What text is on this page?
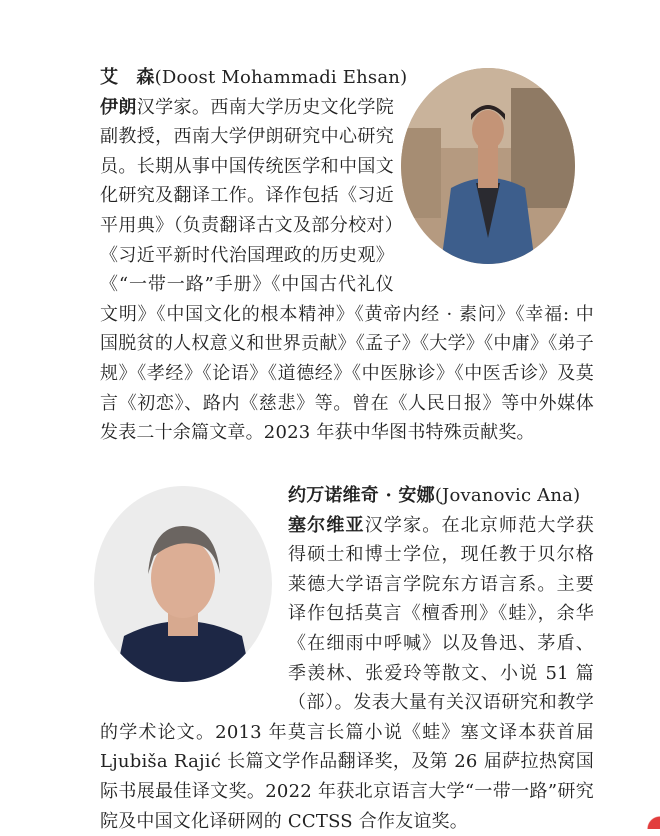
艾　森(Doost Mohammadi Ehsan)

伊朗汉学家。西南大学历史文化学院副教授，西南大学伊朗研究中心研究员。长期从事中国传统医学和中国文化研究及翻译工作。译作包括《习近平用典》（负责翻译古文及部分校对）《习近平新时代治国理政的历史观》《“一带一路”手册》《中国古代礼仪文明》《中国文化的根本精神》《黄帝内经 · 素问》《幸福: 中国脱贫的人权意义和世界贡献》《孟子》《大学》《中庸》《弟子规》《孝经》《论语》《道德经》《中医脉诊》《中医舌诊》及莫言《初恋》、路内《慈悲》等。曾在《人民日报》等中外媒体发表二十余篇文章。2023 年获中华图书特殊贡献奖。

约万诺维奇 · 安娜(Jovanovic Ana)

塞尔维亚汉学家。在北京师范大学获得硕士和博士学位，现任教于贝尔格莱德大学语言学院东方语言系。主要译作包括莫言《檀香刑》《蛙》，余华《在细雨中呼喊》以及鲁迅、茅盾、季羡林、张爱玲等散文、小说 51 篇（部）。发表大量有关汉语研究和教学的学术论文。2013 年莫言长篇小说《蛙》塞文译本获首届 Ljubiša Rajić 长篇文学作品翻译奖，及第 26 届萨拉热窝国际书展最佳译文奖。2022 年获北京语言大学“一带一路”研究院及中国文化译研网的 CCTSS 合作友谊奖。
